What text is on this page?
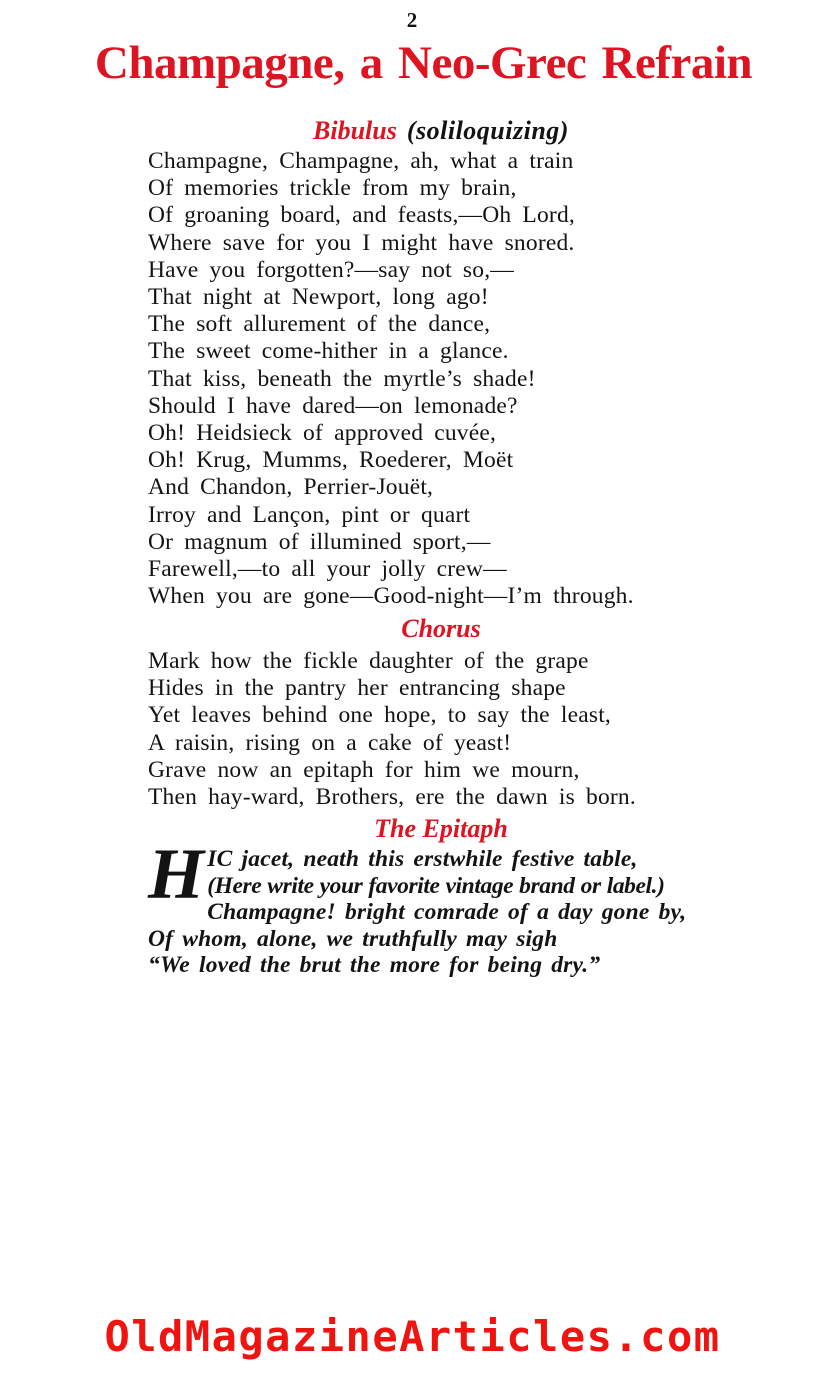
2
Champagne, a Neo-Grec Refrain
Bibulus (soliloquizing)
Champagne, Champagne, ah, what a train
Of memories trickle from my brain,
Of groaning board, and feasts,—Oh Lord,
Where save for you I might have snored.
Have you forgotten?—say not so,—
That night at Newport, long ago!
The soft allurement of the dance,
The sweet come-hither in a glance.
That kiss, beneath the myrtle’s shade!
Should I have dared—on lemonade?
Oh! Heidsieck of approved cuvée,
Oh! Krug, Mumms, Roederer, Moët
And Chandon, Perrier-Jouët,
Irroy and Lançon, pint or quart
Or magnum of illumined sport,—
Farewell,—to all your jolly crew—
When you are gone—Good-night—I’m through.
Chorus
Mark how the fickle daughter of the grape
Hides in the pantry her entrancing shape
Yet leaves behind one hope, to say the least,
A raisin, rising on a cake of yeast!
Grave now an epitaph for him we mourn,
Then hay-ward, Brothers, ere the dawn is born.
The Epitaph
H IC jacet, neath this erstwhile festive table,
(Here write your favorite vintage brand or label.)
Champagne! bright comrade of a day gone by,
Of whom, alone, we truthfully may sigh
“We loved the brut the more for being dry.”
OldMagazineArticles.com
